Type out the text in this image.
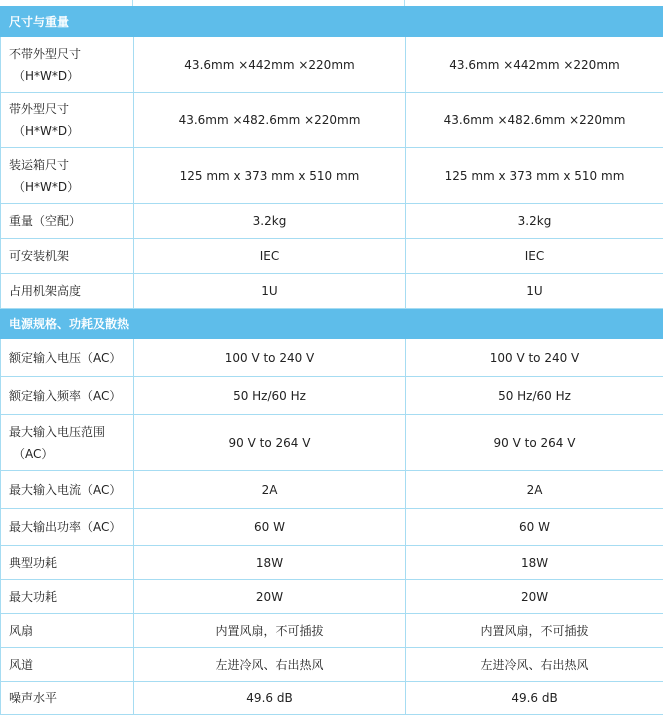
尺寸与重量		

不带外型尺寸
（H*W*D）	43.6mm ×442mm ×220mm	43.6mm ×442mm ×220mm

带外型尺寸
（H*W*D）	43.6mm ×482.6mm ×220mm	43.6mm ×482.6mm ×220mm

装运箱尺寸
（H*W*D）	125 mm x 373 mm x 510 mm	125 mm x 373 mm x 510 mm

重量（空配）	3.2kg	3.2kg

可安装机架	IEC	IEC

占用机架高度	1U	1U
电源规格、功耗及散热		

额定输入电压（AC）	100 V to 240 V	100 V to 240 V

额定输入频率（AC）	50 Hz/60 Hz	50 Hz/60 Hz

最大输入电压范围
（AC）	90 V to 264 V	90 V to 264 V

最大输入电流（AC）	2A	2A

最大输出功率（AC）	60 W	60 W

典型功耗	18W	18W

最大功耗	20W	20W

风扇	内置风扇，不可插拔	内置风扇，不可插拔

风道	左进冷风、右出热风	左进冷风、右出热风

噪声水平	49.6 dB	49.6 dB
